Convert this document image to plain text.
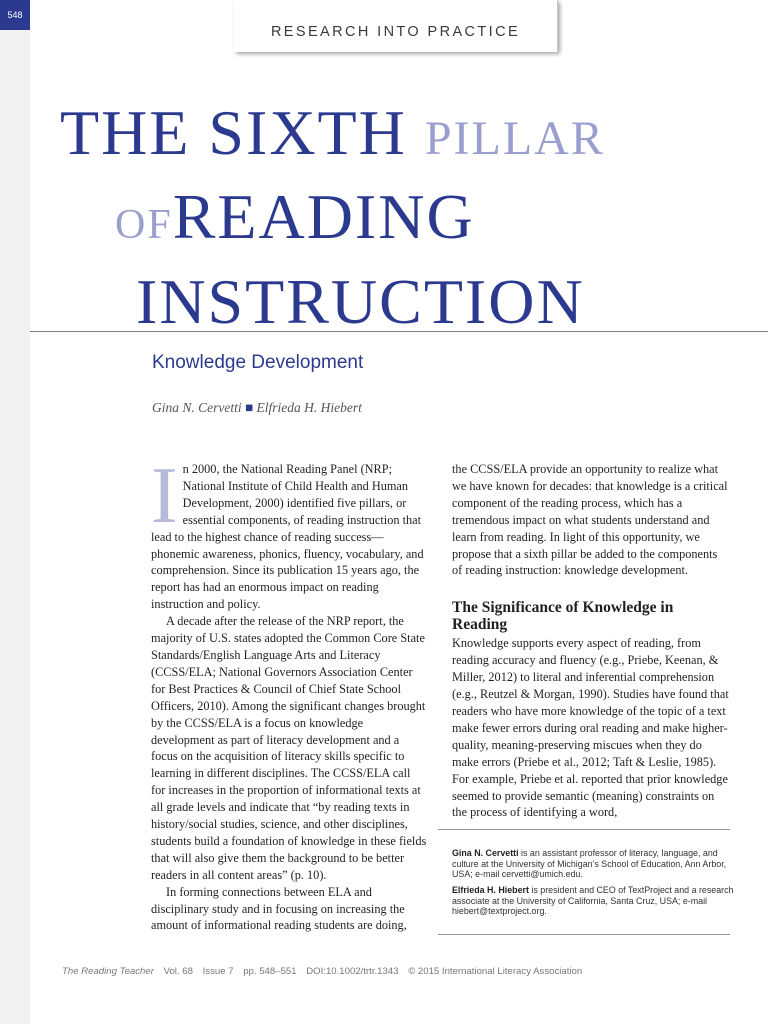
548
RESEARCH INTO PRACTICE
THE SIXTH PILLAR
OFREADING
INSTRUCTION
Knowledge Development
Gina N. Cervetti ■ Elfrieda H. Hiebert

In 2000, the National Reading Panel (NRP; National Institute of Child Health and Human Development, 2000) identified five pillars, or essential components, of reading instruction that lead to the highest chance of reading success—phonemic awareness, phonics, fluency, vocabulary, and comprehension. Since its publication 15 years ago, the report has had an enormous impact on reading instruction and policy.

A decade after the release of the NRP report, the majority of U.S. states adopted the Common Core State Standards/English Language Arts and Literacy (CCSS/ELA; National Governors Association Center for Best Practices & Council of Chief State School Officers, 2010). Among the significant changes brought by the CCSS/ELA is a focus on knowledge development as part of literacy development and a focus on the acquisition of literacy skills specific to learning in different disciplines. The CCSS/ELA call for increases in the proportion of informational texts at all grade levels and indicate that “by reading texts in history/social studies, science, and other disciplines, students build a foundation of knowledge in these fields that will also give them the background to be better readers in all content areas” (p. 10).

In forming connections between ELA and disciplinary study and in focusing on increasing the amount of informational reading students are doing,

the CCSS/ELA provide an opportunity to realize what we have known for decades: that knowledge is a critical component of the reading process, which has a tremendous impact on what students understand and learn from reading. In light of this opportunity, we propose that a sixth pillar be added to the components of reading instruction: knowledge development.

The Significance of Knowledge in Reading

Knowledge supports every aspect of reading, from reading accuracy and fluency (e.g., Priebe, Keenan, & Miller, 2012) to literal and inferential comprehension (e.g., Reutzel & Morgan, 1990). Studies have found that readers who have more knowledge of the topic of a text make fewer errors during oral reading and make higher-quality, meaning-preserving miscues when they do make errors (Priebe et al., 2012; Taft & Leslie, 1985). For example, Priebe et al. reported that prior knowledge seemed to provide semantic (meaning) constraints on the process of identifying a word,

Gina N. Cervetti is an assistant professor of literacy, language, and culture at the University of Michigan’s School of Education, Ann Arbor, USA; e-mail cervetti@umich.edu.
Elfrieda H. Hiebert is president and CEO of TextProject and a research associate at the University of California, Santa Cruz, USA; e-mail hiebert@textproject.org.
The Reading Teacher Vol. 68 Issue 7 pp. 548–551 DOI:10.1002/trtr.1343 © 2015 International Literacy Association
